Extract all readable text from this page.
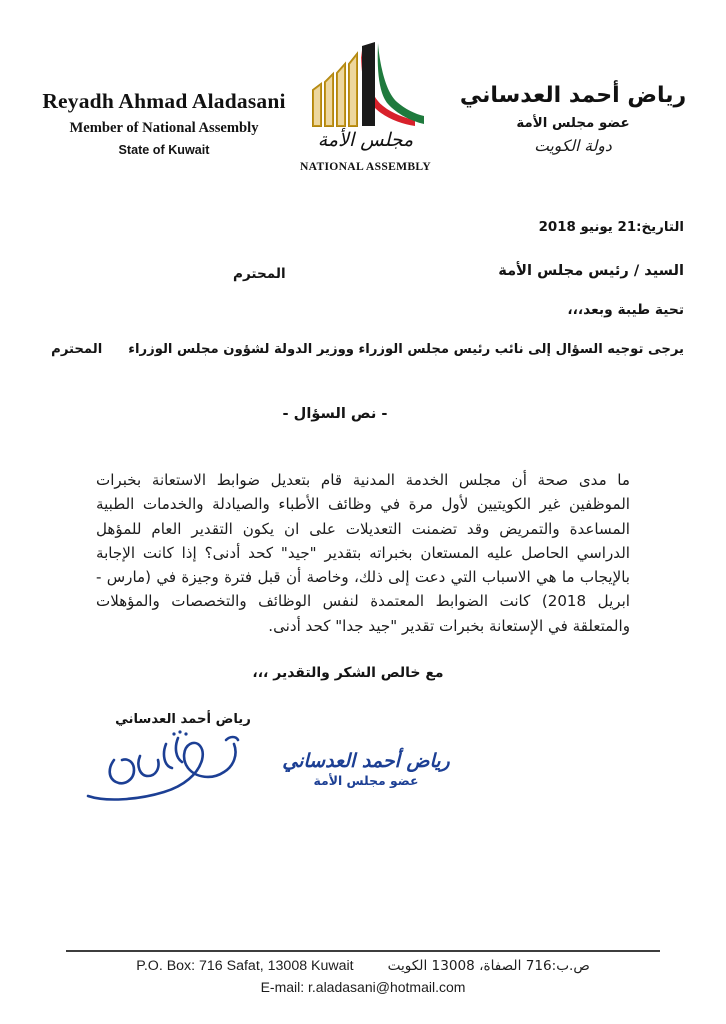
Reyadh Ahmad Aladasani
Member of National Assembly
State of Kuwait	مجلس الأمة
NATIONAL ASSEMBLY
رياض أحمد العدساني
عضو مجلس الأمة
دولة الكويت
التاريخ:21 يونيو 2018
السيد / رئيس مجلس الأمة
المحترم
تحية طيبة وبعد،،،
يرجى توجيه السؤال إلى نائب رئيس مجلس الوزراء ووزير الدولة لشؤون مجلس الوزراءالمحترم
- نص السؤال -

ما مدى صحة أن مجلس الخدمة المدنية قام بتعديل ضوابط الاستعانة بخبرات الموظفين غير الكويتيين لأول مرة في وظائف الأطباء والصيادلة والخدمات الطبية المساعدة والتمريض وقد تضمنت التعديلات على ان يكون التقدير العام للمؤهل الدراسي الحاصل عليه المستعان بخبراته بتقدير "جيد" كحد أدنى؟ إذا كانت الإجابة بالإيجاب ما هي الاسباب التي دعت إلى ذلك، وخاصة أن قبل فترة وجيزة في (مارس - ابريل 2018) كانت الضوابط المعتمدة لنفس الوظائف والتخصصات والمؤهلات والمتعلقة في الإستعانة بخبرات تقدير "جيد جدا" كحد أدنى.

مع خالص الشكر والتقدير ،،،
رياض أحمد العدساني
رياض أحمد العدساني
عضو مجلس الأمة
P.O. Box: 716 Safat, 13008 Kuwait	ص.ب:716 الصفاة، 13008 الكويت
E-mail: r.aladasani@hotmail.com
